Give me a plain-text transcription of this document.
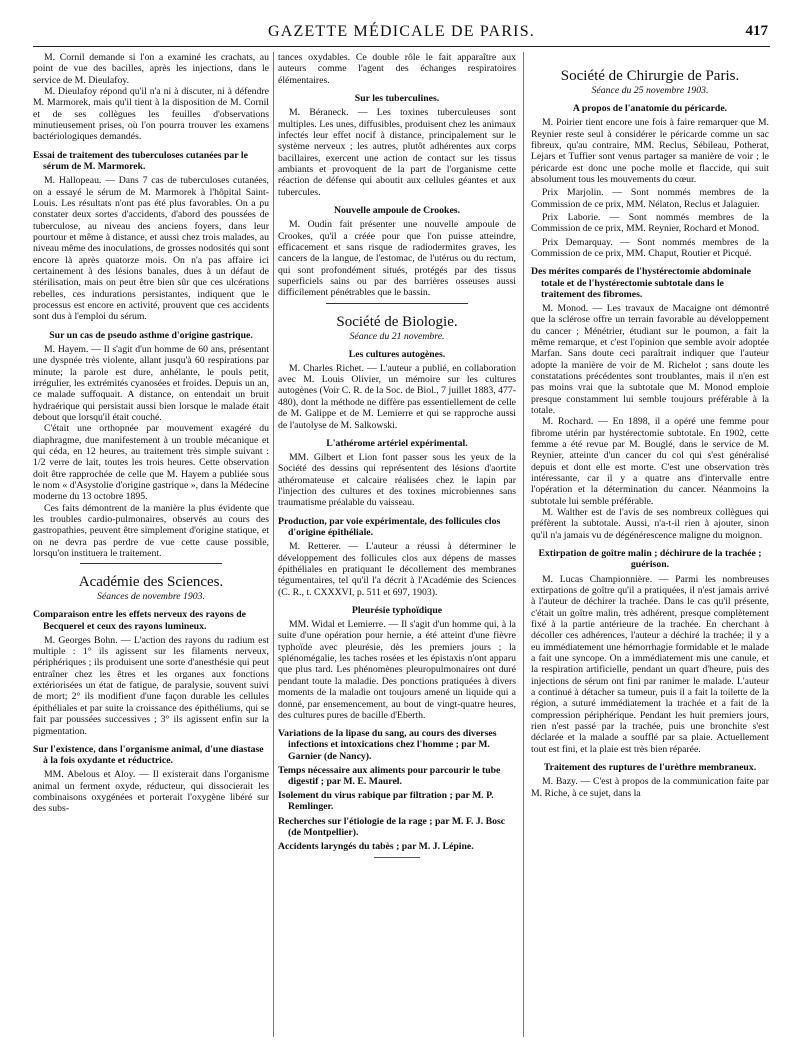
GAZETTE MÉDICALE DE PARIS.	417

M. Cornil demande si l'on a examiné les crachats, au point de vue des bacilles, après les injections, dans le service de M. Dieulafoy.

M. Dieulafoy répond qu'il n'a ni à discuter, ni à défendre M. Marmorek, mais qu'il tient à la disposition de M. Cornil et de ses collègues les feuilles d'observations minutieusement prises, où l'on pourra trouver les examens bactériologiques demandés.

Essai de traitement des tuberculoses cutanées par le sérum de M. Marmorek.

M. Hallopeau. — Dans 7 cas de tuberculoses cutanées, on a essayé le sérum de M. Marmorek à l'hôpital Saint-Louis. Les résultats n'ont pas été plus favorables. On a pu constater deux sortes d'accidents, d'abord des poussées de tuberculose, au niveau des anciens foyers, dans leur pourtour et même à distance, et aussi chez trois malades, au niveau même des inoculations, de grosses nodosités qui sont encore là après quatorze mois. On n'a pas affaire ici certainement à des lésions banales, dues à un défaut de stérilisation, mais on peut être bien sûr que ces ulcérations rebelles, ces indurations persistantes, indiquent que le processus est encore en activité, prouvent que ces accidents sont dus à l'emploi du sérum.

Sur un cas de pseudo asthme d'origine gastrique.

M. Hayem. — Il s'agit d'un homme de 60 ans, présentant une dyspnée très violente, allant jusqu'à 60 respirations par minute; la parole est dure, anhélante, le pouls petit, irrégulier, les extrémités cyanosées et froides. Depuis un an, ce malade suffoquait. A distance, on entendait un bruit hydraérique qui persistait aussi bien lorsque le malade était debout que lorsqu'il était couché.

C'était une orthopnée par mouvement exagéré du diaphragme, due manifestement à un trouble mécanique et qui céda, en 12 heures, au traitement très simple suivant : 1/2 verre de lait, toutes les trois heures. Cette observation doit être rapprochée de celle que M. Hayem a publiée sous le nom « d'Asystolie d'origine gastrique », dans la Médecine moderne du 13 octobre 1895.

Ces faits démontrent de la manière la plus évidente que les troubles cardio-pulmonaires, observés au cours des gastropathies, peuvent être simplement d'origine statique, et on ne devra pas perdre de vue cette cause possible, lorsqu'on instituera le traitement.

Académie des Sciences.

Séances de novembre 1903.

Comparaison entre les effets nerveux des rayons de Becquerel et ceux des rayons lumineux.

M. Georges Bohn. — L'action des rayons du radium est multiple : 1° ils agissent sur les filaments nerveux, périphériques ; ils produisent une sorte d'anesthésie qui peut entraîner chez les êtres et les organes aux fonctions extériorisées un état de fatigue, de paralysie, souvent suivi de mort; 2° ils modifient d'une façon durable les cellules épithéliales et par suite la croissance des épithéliums, qui se fait par poussées successives ; 3° ils agissent enfin sur la pigmentation.

Sur l'existence, dans l'organisme animal, d'une diastase à la fois oxydante et réductrice.

MM. Abelous et Aloy. — Il existerait dans l'organisme animal un ferment oxyde, réducteur, qui dissocierait les combinaisons oxygénées et porterait l'oxygène libéré sur des subs-

tances oxydables. Ce double rôle le fait apparaître aux auteurs comme l'agent des échanges respiratoires élémentaires.

Sur les tuberculines.

M. Béraneck. — Les toxines tuberculeuses sont multiples. Les unes, diffusibles, produisent chez les animaux infectés leur effet nocif à distance, principalement sur le système nerveux ; les autres, plutôt adhérentes aux corps bacillaires, exercent une action de contact sur les tissus ambiants et provoquent de la part de l'organisme cette réaction de défense qui aboutit aux cellules géantes et aux tubercules.

Nouvelle ampoule de Crookes.

M. Oudin fait présenter une nouvelle ampoule de Crookes, qu'il a créée pour que l'on puisse atteindre, efficacement et sans risque de radiodermites graves, les cancers de la langue, de l'estomac, de l'utérus ou du rectum, qui sont profondément situés, protégés par des tissus superficiels sains ou par des barrières osseuses aussi difficilement pénétrables que le bassin.

Société de Biologie.

Séance du 21 novembre.

Les cultures autogènes.

M. Charles Richet. — L'auteur a publié, en collaboration avec M. Louis Olivier, un mémoire sur les cultures autogènes (Voir C. R. de la Soc. de Biol., 7 juillet 1883, 477-480), dont la méthode ne diffère pas essentiellement de celle de M. Galippe et de M. Lemierre et qui se rapproche aussi de l'autolyse de M. Salkowski.

L'athérome artériel expérimental.

MM. Gilbert et Lion font passer sous les yeux de la Société des dessins qui représentent des lésions d'aortite athéromateuse et calcaire réalisées chez le lapin par l'injection des cultures et des toxines microbiennes sans traumatisme préalable du vaisseau.

Production, par voie expérimentale, des follicules clos d'origine épithéliale.

M. Retterer. — L'auteur a réussi à déterminer le développement des follicules clos aux dépens de masses épithéliales en pratiquant le décollement des membranes tégumentaires, tel qu'il l'a décrit à l'Académie des Sciences (C. R., t. CXXXVI, p. 511 et 697, 1903).

Pleurésie typhoïdique

MM. Widal et Lemierre. — Il s'agit d'un homme qui, à la suite d'une opération pour hernie, a été atteint d'une fièvre typhoïde avec pleurésie, dès les premiers jours ; la splénomégalie, les taches rosées et les épistaxis n'ont apparu que plus tard. Les phénomènes pleuropulmonaires ont duré pendant toute la maladie. Des ponctions pratiquées à divers moments de la maladie ont toujours amené un liquide qui a donné, par ensemencement, au bout de vingt-quatre heures, des cultures pures de bacille d'Eberth.

Variations de la lipase du sang, au cours des diverses infections et intoxications chez l'homme ; par M. Garnier (de Nancy).
Temps nécessaire aux aliments pour parcourir le tube digestif ; par M. E. Maurel.
Isolement du virus rabique par filtration ; par M. P. Remlinger.
Recherches sur l'étiologie de la rage ; par M. F. J. Bosc (de Montpellier).
Accidents laryngés du tabès ; par M. J. Lépine.
Société de Chirurgie de Paris.

Séance du 25 novembre 1903.

A propos de l'anatomie du péricarde.

M. Poirier tient encore une fois à faire remarquer que M. Reynier reste seul à considérer le péricarde comme un sac fibreux, qu'au contraire, MM. Reclus, Sébileau, Potherat, Lejars et Tuffier sont venus partager sa manière de voir ; le péricarde est donc une poche molle et flaccide, qui suit absolument tous les mouvements du cœur.

Prix Marjolin. — Sont nommés membres de la Commission de ce prix, MM. Nélaton, Reclus et Jalaguier.

Prix Laborie. — Sont nommés membres de la Commission de ce prix, MM. Reynier, Rochard et Monod.

Prix Demarquay. — Sont nommés membres de la Commission de ce prix, MM. Chaput, Routier et Picqué.

Des mérites comparés de l'hystérectomie abdominale totale et de l'hystérectomie subtotale dans le traitement des fibromes.

M. Monod. — Les travaux de Macaigne ont démontré que la sclérose offre un terrain favorable au développement du cancer ; Ménétrier, étudiant sur le poumon, a fait la même remarque, et c'est l'opinion que semble avoir adoptée Marfan. Sans doute ceci paraîtrait indiquer que l'auteur adopte la manière de voir de M. Richelot ; sans doute les constatations précédentes sont troublantes, mais il n'en est pas moins vrai que la subtotale que M. Monod emploie presque constamment lui semble toujours préférable à la totale.

M. Rochard. — En 1898, il a opéré une femme pour fibrome utérin par hystérectomie subtotale. En 1902, cette femme a été revue par M. Bouglé, dans le service de M. Reynier, atteinte d'un cancer du col qui s'est généralisé depuis et dont elle est morte. C'est une observation très intéressante, car il y a quatre ans d'intervalle entre l'opération et la détermination du cancer. Néanmoins la subtotale lui semble préférable.

M. Walther est de l'avis de ses nombreux collègues qui préfèrent la subtotale. Aussi, n'a-t-il rien à ajouter, sinon qu'il n'a jamais vu de dégénérescence maligne du moignon.

Extirpation de goître malin ; déchirure de la trachée ; guérison.

M. Lucas Championnière. — Parmi les nombreuses extirpations de goître qu'il a pratiquées, il n'est jamais arrivé à l'auteur de déchirer la trachée. Dans le cas qu'il présente, c'était un goître malin, très adhérent, presque complètement fixé à la partie antérieure de la trachée. En cherchant à décoller ces adhérences, l'auteur a déchiré la trachée; il y a eu immédiatement une hémorrhagie formidable et le malade a fait une syncope. On a immédiatement mis une canule, et la respiration artificielle, pendant un quart d'heure, puis des injections de sérum ont fini par ranimer le malade. L'auteur a continué à détacher sa tumeur, puis il a fait la toilette de la région, a suturé immédiatement la trachée et a fait de la compression périphérique. Pendant les huit premiers jours, rien n'est passé par la trachée, puis une bronchite s'est déclarée et la malade a soufflé par sa plaie. Actuellement tout est fini, et la plaie est très bien réparée.

Traitement des ruptures de l'urèthre membraneux.

M. Bazy. — C'est à propos de la communication faite par M. Riche, à ce sujet, dans la
